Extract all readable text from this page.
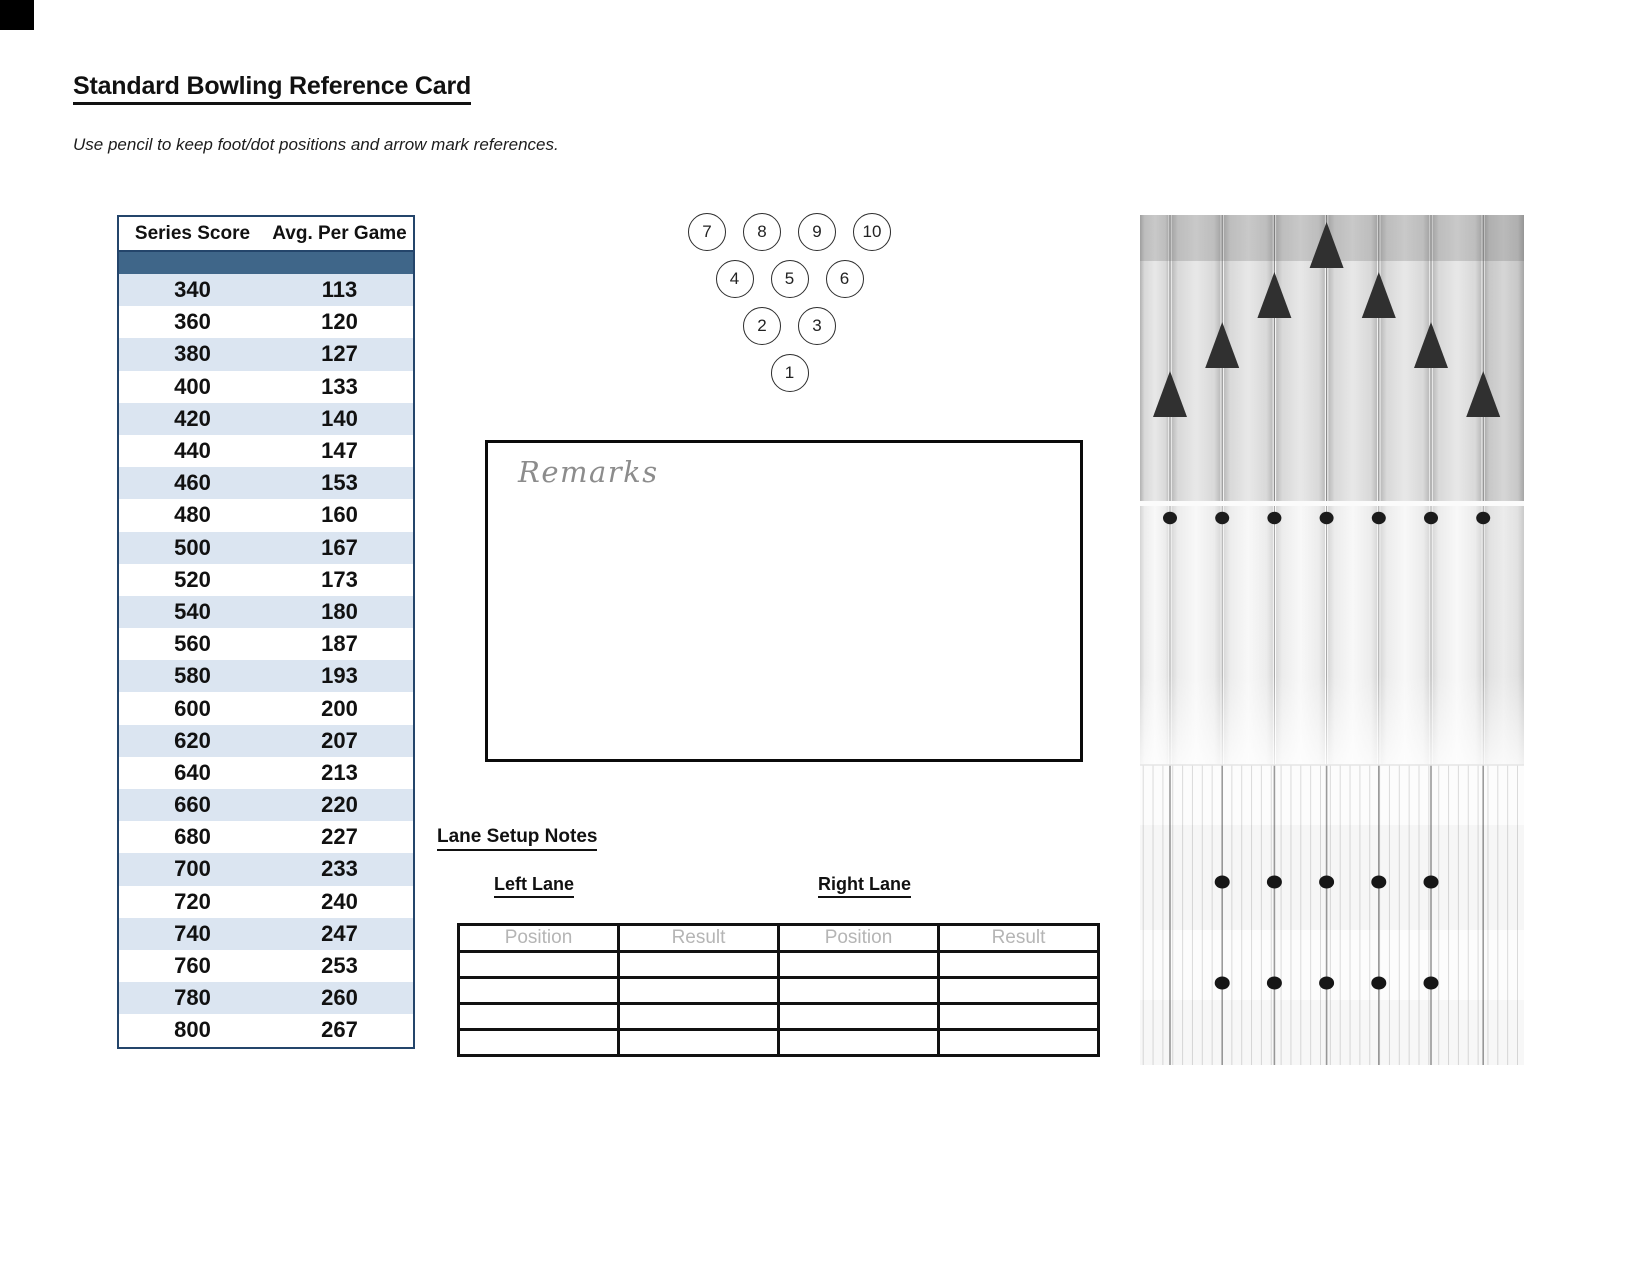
Standard Bowling Reference Card
Use pencil to keep foot/dot positions and arrow mark references.
Series Score	Avg. Per Game
340	113
360	120
380	127
400	133
420	140
440	147
460	153
480	160
500	167
520	173
540	180
560	187
580	193
600	200
620	207
640	213
660	220
680	227
700	233
720	240
740	247
760	253
780	260
800	267
7	8	9	10
4	5	6
2	3
1
Remarks
Lane Setup Notes
Left Lane	Right Lane
Position	Result	Position	Result
